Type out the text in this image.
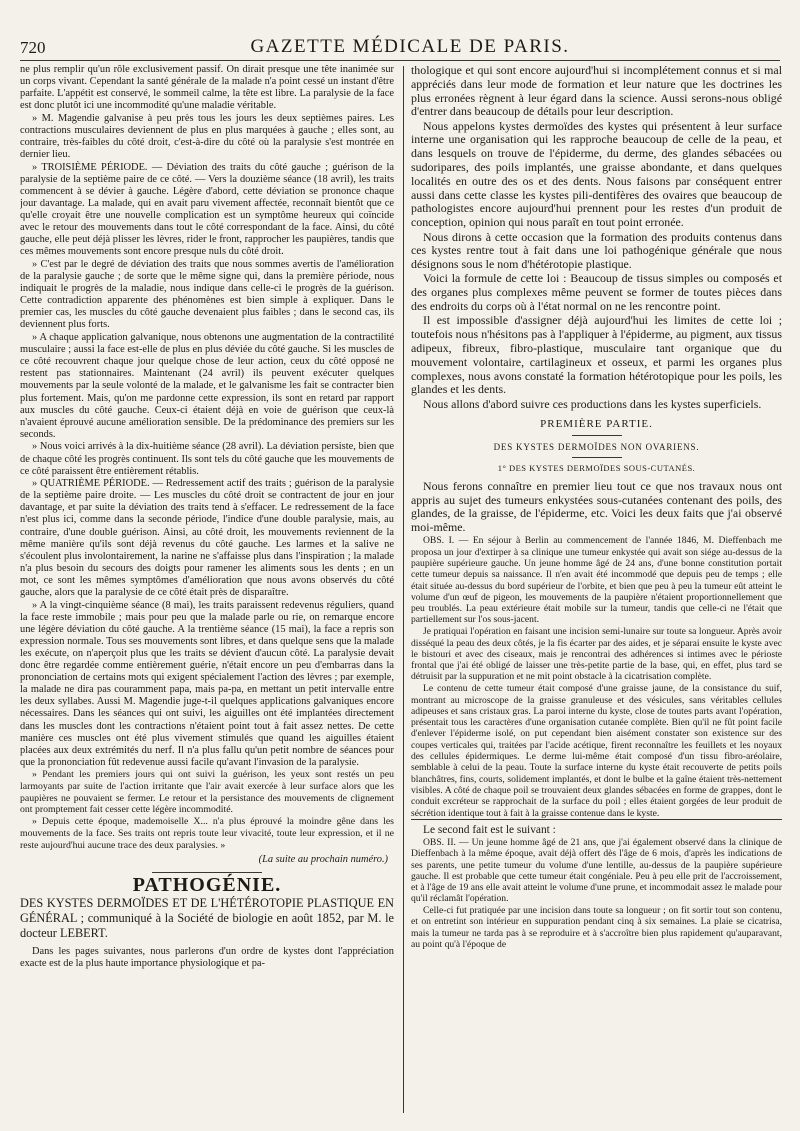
720	GAZETTE MÉDICALE DE PARIS.

ne plus remplir qu'un rôle exclusivement passif. On dirait presque une tête inanimée sur un corps vivant. Cependant la santé générale de la malade n'a point cessé un instant d'être parfaite. L'appétit est conservé, le sommeil calme, la tête est libre. La paralysie de la face est donc plutôt ici une incommodité qu'une maladie véritable.

» M. Magendie galvanise à peu près tous les jours les deux septièmes paires. Les contractions musculaires deviennent de plus en plus marquées à gauche ; elles sont, au contraire, très-faibles du côté droit, c'est-à-dire du côté où la paralysie s'est montrée en dernier lieu.

» TROISIÈME PÉRIODE. — Déviation des traits du côté gauche ; guérison de la paralysie de la septième paire de ce côté. — Vers la douzième séance (18 avril), les traits commencent à se dévier à gauche. Légère d'abord, cette déviation se prononce chaque jour davantage. La malade, qui en avait paru vivement affectée, reconnaît bientôt que ce qu'elle croyait être une nouvelle complication est un symptôme heureux qui coïncide avec le retour des mouvements dans tout le côté correspondant de la face. Ainsi, du côté gauche, elle peut déjà plisser les lèvres, rider le front, rapprocher les paupières, tandis que ces mêmes mouvements sont encore presque nuls du côté droit.

» C'est par le degré de déviation des traits que nous sommes avertis de l'amélioration de la paralysie gauche ; de sorte que le même signe qui, dans la première période, nous indiquait le progrès de la maladie, nous indique dans celle-ci le progrès de la guérison. Cette contradiction apparente des phénomènes est bien simple à expliquer. Dans le premier cas, les muscles du côté gauche devenaient plus faibles ; dans le second cas, ils deviennent plus forts.

» A chaque application galvanique, nous obtenons une augmentation de la contractilité musculaire ; aussi la face est-elle de plus en plus déviée du côté gauche. Si les muscles de ce côté recouvrent chaque jour quelque chose de leur action, ceux du côté opposé ne restent pas stationnaires. Maintenant (24 avril) ils peuvent exécuter quelques mouvements par la seule volonté de la malade, et le galvanisme les fait se contracter bien plus fortement. Mais, qu'on me pardonne cette expression, ils sont en retard par rapport aux muscles du côté gauche. Ceux-ci étaient déjà en voie de guérison que ceux-là n'avaient éprouvé aucune amélioration sensible. De la prédominance des premiers sur les seconds.

» Nous voici arrivés à la dix-huitième séance (28 avril). La déviation persiste, bien que de chaque côté les progrès continuent. Ils sont tels du côté gauche que les mouvements de ce côté paraissent être entièrement rétablis.

» QUATRIÈME PÉRIODE. — Redressement actif des traits ; guérison de la paralysie de la septième paire droite. — Les muscles du côté droit se contractent de jour en jour davantage, et par suite la déviation des traits tend à s'effacer. Le redressement de la face n'est plus ici, comme dans la seconde période, l'indice d'une double paralysie, mais, au contraire, d'une double guérison. Ainsi, au côté droit, les mouvements reviennent de la même manière qu'ils sont déjà revenus du côté gauche. Les larmes et la salive ne s'écoulent plus involontairement, la narine ne s'affaisse plus dans l'inspiration ; la malade n'a plus besoin du secours des doigts pour ramener les aliments sous les dents ; en un mot, ce sont les mêmes symptômes d'amélioration que nous avons observés du côté gauche, alors que la paralysie de ce côté était près de disparaître.

» A la vingt-cinquième séance (8 mai), les traits paraissent redevenus réguliers, quand la face reste immobile ; mais pour peu que la malade parle ou rie, on remarque encore une légère déviation du côté gauche. A la trentième séance (15 mai), la face a repris son expression normale. Tous ses mouvements sont libres, et dans quelque sens que la malade les exécute, on n'aperçoit plus que les traits se dévient d'aucun côté. La paralysie devait donc être regardée comme entièrement guérie, n'était encore un peu d'embarras dans la prononciation de certains mots qui exigent spécialement l'action des lèvres ; par exemple, la malade ne dira pas couramment papa, mais pa-pa, en mettant un petit intervalle entre les deux syllabes. Aussi M. Magendie juge-t-il quelques applications galvaniques encore nécessaires. Dans les séances qui ont suivi, les aiguilles ont été implantées directement dans les muscles dont les contractions n'étaient point tout à fait assez nettes. De cette manière ces muscles ont été plus vivement stimulés que quand les aiguilles étaient placées aux deux extrémités du nerf. Il n'a plus fallu qu'un petit nombre de séances pour que la prononciation fût redevenue aussi facile qu'avant l'invasion de la paralysie.

» Pendant les premiers jours qui ont suivi la guérison, les yeux sont restés un peu larmoyants par suite de l'action irritante que l'air avait exercée à leur surface alors que les paupières ne pouvaient se fermer. Le retour et la persistance des mouvements de clignement ont promptement fait cesser cette légère incommodité.

» Depuis cette époque, mademoiselle X... n'a plus éprouvé la moindre gêne dans les mouvements de la face. Ses traits ont repris toute leur vivacité, toute leur expression, et il ne reste aujourd'hui aucune trace des deux paralysies. »

(La suite au prochain numéro.)
PATHOGÉNIE.
DES KYSTES DERMOÏDES ET DE L'HÉTÉROTOPIE PLASTIQUE EN GÉNÉRAL ; communiqué à la Société de biologie en août 1852, par M. le docteur LEBERT.

Dans les pages suivantes, nous parlerons d'un ordre de kystes dont l'appréciation exacte est de la plus haute importance physiologique et pa-

thologique et qui sont encore aujourd'hui si incomplétement connus et si mal appréciés dans leur mode de formation et leur nature que les doctrines les plus erronées règnent à leur égard dans la science. Aussi serons-nous obligé d'entrer dans beaucoup de détails pour leur description.

Nous appelons kystes dermoïdes des kystes qui présentent à leur surface interne une organisation qui les rapproche beaucoup de celle de la peau, et dans lesquels on trouve de l'épiderme, du derme, des glandes sébacées ou sudoripares, des poils implantés, une graisse abondante, et dans quelques localités en outre des os et des dents. Nous faisons par conséquent entrer aussi dans cette classe les kystes pili-dentifères des ovaires que beaucoup de pathologistes encore aujourd'hui prennent pour les restes d'un produit de conception, opinion qui nous paraît en tout point erronée.

Nous dirons à cette occasion que la formation des produits contenus dans ces kystes rentre tout à fait dans une loi pathogénique générale que nous désignons sous le nom d'hétérotopie plastique.

Voici la formule de cette loi : Beaucoup de tissus simples ou composés et des organes plus complexes même peuvent se former de toutes pièces dans des endroits du corps où à l'état normal on ne les rencontre point.

Il est impossible d'assigner déjà aujourd'hui les limites de cette loi ; toutefois nous n'hésitons pas à l'appliquer à l'épiderme, au pigment, aux tissus adipeux, fibreux, fibro-plastique, musculaire tant organique que du mouvement volontaire, cartilagineux et osseux, et parmi les organes plus complexes, nous avons constaté la formation hétérotopique pour les poils, les glandes et les dents.

Nous allons d'abord suivre ces productions dans les kystes superficiels.

PREMIÈRE PARTIE.
DES KYSTES DERMOÏDES NON OVARIENS.
1° DES KYSTES DERMOÏDES SOUS-CUTANÉS.

Nous ferons connaître en premier lieu tout ce que nos travaux nous ont appris au sujet des tumeurs enkystées sous-cutanées contenant des poils, des glandes, de la graisse, de l'épiderme, etc. Voici les deux faits que j'ai observé moi-même.

OBS. I. — En séjour à Berlin au commencement de l'année 1846, M. Dieffenbach me proposa un jour d'extirper à sa clinique une tumeur enkystée qui avait son siége au-dessus de la paupière supérieure gauche. Un jeune homme âgé de 24 ans, d'une bonne constitution portait cette tumeur depuis sa naissance. Il n'en avait été incommodé que depuis peu de temps ; elle était située au-dessus du bord supérieur de l'orbite, et bien que peu à peu la tumeur eût atteint le volume d'un œuf de pigeon, les mouvements de la paupière n'étaient proportionnellement que peu troublés. La peau extérieure était mobile sur la tumeur, tandis que celle-ci ne l'était que partiellement sur l'os sous-jacent.

Je pratiquai l'opération en faisant une incision semi-lunaire sur toute sa longueur. Après avoir disséqué la peau des deux côtés, je la fis écarter par des aides, et je séparai ensuite le kyste avec le bistouri et avec des ciseaux, mais je rencontrai des adhérences si intimes avec le périoste frontal que j'ai été obligé de laisser une très-petite partie de la base, qui, en effet, plus tard se détruisit par la suppuration et ne mit point obstacle à la cicatrisation complète.

Le contenu de cette tumeur était composé d'une graisse jaune, de la consistance du suif, montrant au microscope de la graisse granuleuse et des vésicules, sans véritables cellules adipeuses et sans cristaux gras. La paroi interne du kyste, close de toutes parts avant l'opération, présentait tous les caractères d'une organisation cutanée complète. Bien qu'il ne fût point facile d'enlever l'épiderme isolé, on put cependant bien aisément constater son existence sur des coupes verticales qui, traitées par l'acide acétique, firent reconnaître les feuillets et les noyaux des cellules épidermiques. Le derme lui-même était composé d'un tissu fibro-aréolaire, semblable à celui de la peau. Toute la surface interne du kyste était recouverte de petits poils blanchâtres, fins, courts, solidement implantés, et dont le bulbe et la gaîne étaient très-nettement visibles. A côté de chaque poil se trouvaient deux glandes sébacées en forme de grappes, dont le conduit excréteur se rapprochait de la surface du poil ; elles étaient gorgées de leur produit de sécrétion identique tout à fait à la graisse contenue dans le kyste.

Le second fait est le suivant :

OBS. II. — Un jeune homme âgé de 21 ans, que j'ai également observé dans la clinique de Dieffenbach à la même époque, avait déjà offert dès l'âge de 6 mois, d'après les indications de ses parents, une petite tumeur du volume d'une lentille, au-dessus de la paupière supérieure gauche. Il est probable que cette tumeur était congéniale. Peu à peu elle prit de l'accroissement, et à l'âge de 19 ans elle avait atteint le volume d'une prune, et incommodait assez le malade pour qu'il réclamât l'opération.

Celle-ci fut pratiquée par une incision dans toute sa longueur ; on fit sortir tout son contenu, et on entretint son intérieur en suppuration pendant cinq à six semaines. La plaie se cicatrisa, mais la tumeur ne tarda pas à se reproduire et à s'accroître bien plus rapidement qu'auparavant, au point qu'à l'époque de
